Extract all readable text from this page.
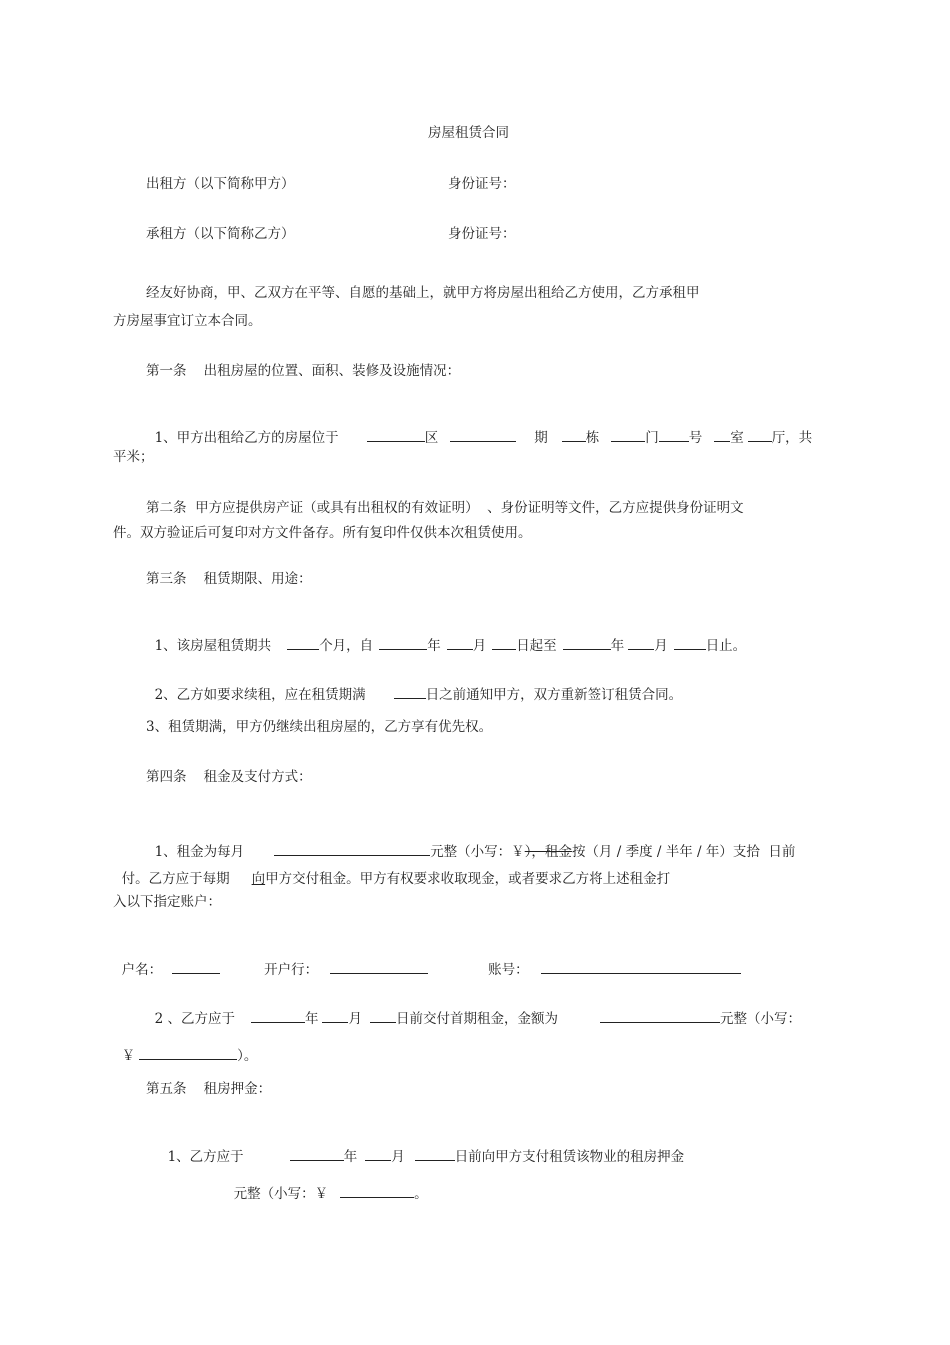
房屋租赁合同
出租方（以下简称甲方）	身份证号：
承租方（以下简称乙方）	身份证号：
经友好协商，甲、乙双方在平等、自愿的基础上，就甲方将房屋出租给乙方使用，乙方承租甲
方房屋事宜订立本合同。
第一条    出租房屋的位置、面积、装修及设施情况：

1、甲方出租给乙方的房屋位于	区	期	栋	门 号 室 厅，共

平米；
第二条  甲方应提供房产证（或具有出租权的有效证明）  、身份证明等文件，乙方应提供身份证明文
件。双方验证后可复印对方文件备存。所有复印件仅供本次租赁使用。
第三条    租赁期限、用途：

1、该房屋租赁期共	个月，自	年 月 日起至	年 月	日止。

2、乙方如要求续租，应在租赁期满	日之前通知甲方，双方重新签订租赁合同。

3、租赁期满，甲方仍继续出租房屋的，乙方享有优先权。
第四条    租金及支付方式：

1、租金为每月	元整（小写：￥），租金按（月 / 季度 / 半年 / 年）支拾  日前

付。乙方应于每期 向甲方交付租金。甲方有权要求收取现金，或者要求乙方将上述租金打

入以下指定账户：

户名：	开户行：	账号：

2 、乙方应于	年 月	日前交付首期租金，金额为	元整（小写：

￥	）。

第五条    租房押金：

1、乙方应于	年	月	日前向甲方支付租赁该物业的租房押金

元整（小写：￥	。
